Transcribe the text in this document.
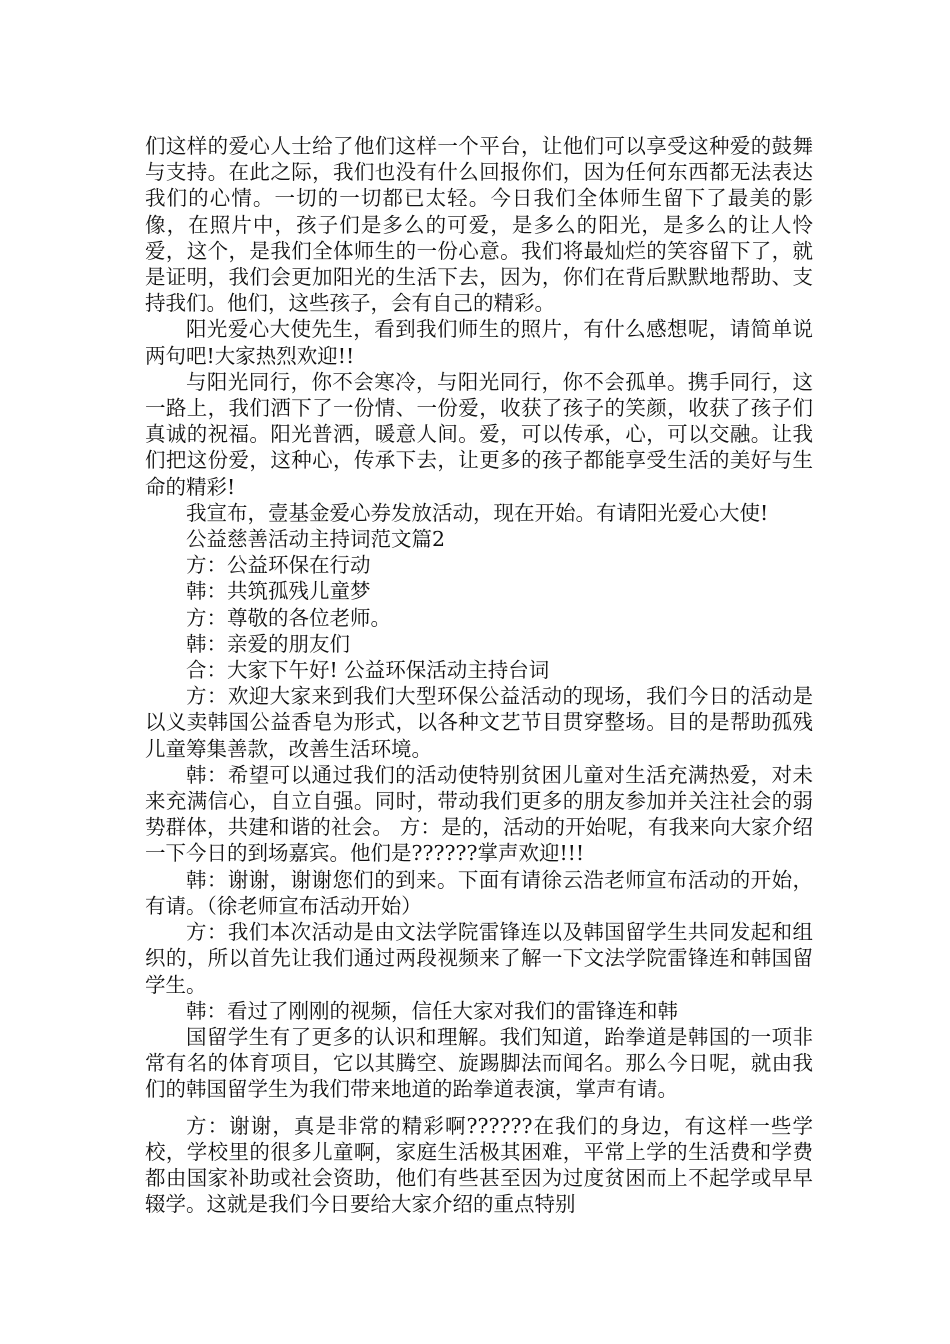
们这样的爱心人士给了他们这样一个平台，让他们可以享受这种爱的鼓舞与支持。在此之际，我们也没有什么回报你们，因为任何东西都无法表达我们的心情。一切的一切都已太轻。今日我们全体师生留下了最美的影像，在照片中，孩子们是多么的可爱，是多么的阳光，是多么的让人怜爱，这个，是我们全体师生的一份心意。我们将最灿烂的笑容留下了，就是证明，我们会更加阳光的生活下去，因为，你们在背后默默地帮助、支持我们。他们，这些孩子，会有自己的精彩。

阳光爱心大使先生，看到我们师生的照片，有什么感想呢，请简单说两句吧!大家热烈欢迎!!

与阳光同行，你不会寒冷，与阳光同行，你不会孤单。携手同行，这一路上，我们洒下了一份情、一份爱，收获了孩子的笑颜，收获了孩子们真诚的祝福。阳光普洒，暖意人间。爱，可以传承，心，可以交融。让我们把这份爱，这种心，传承下去，让更多的孩子都能享受生活的美好与生命的精彩!

我宣布，壹基金爱心券发放活动，现在开始。有请阳光爱心大使!

公益慈善活动主持词范文篇2

方：公益环保在行动

韩：共筑孤残儿童梦

方：尊敬的各位老师。

韩：亲爱的朋友们

合：大家下午好! 公益环保活动主持台词

方：欢迎大家来到我们大型环保公益活动的现场，我们今日的活动是以义卖韩国公益香皂为形式，以各种文艺节目贯穿整场。目的是帮助孤残儿童筹集善款，改善生活环境。

韩：希望可以通过我们的活动使特别贫困儿童对生活充满热爱，对未来充满信心，自立自强。同时，带动我们更多的朋友参加并关注社会的弱势群体，共建和谐的社会。 方：是的，活动的开始呢，有我来向大家介绍一下今日的到场嘉宾。他们是??????掌声欢迎!!!

韩：谢谢，谢谢您们的到来。下面有请徐云浩老师宣布活动的开始，有请。（徐老师宣布活动开始）

方：我们本次活动是由文法学院雷锋连以及韩国留学生共同发起和组织的，所以首先让我们通过两段视频来了解一下文法学院雷锋连和韩国留学生。

韩：看过了刚刚的视频，信任大家对我们的雷锋连和韩

国留学生有了更多的认识和理解。我们知道，跆拳道是韩国的一项非常有名的体育项目，它以其腾空、旋踢脚法而闻名。那么今日呢，就由我们的韩国留学生为我们带来地道的跆拳道表演，掌声有请。

方：谢谢，真是非常的精彩啊??????在我们的身边，有这样一些学校，学校里的很多儿童啊，家庭生活极其困难，平常上学的生活费和学费都由国家补助或社会资助，他们有些甚至因为过度贫困而上不起学或早早辍学。这就是我们今日要给大家介绍的重点特别
